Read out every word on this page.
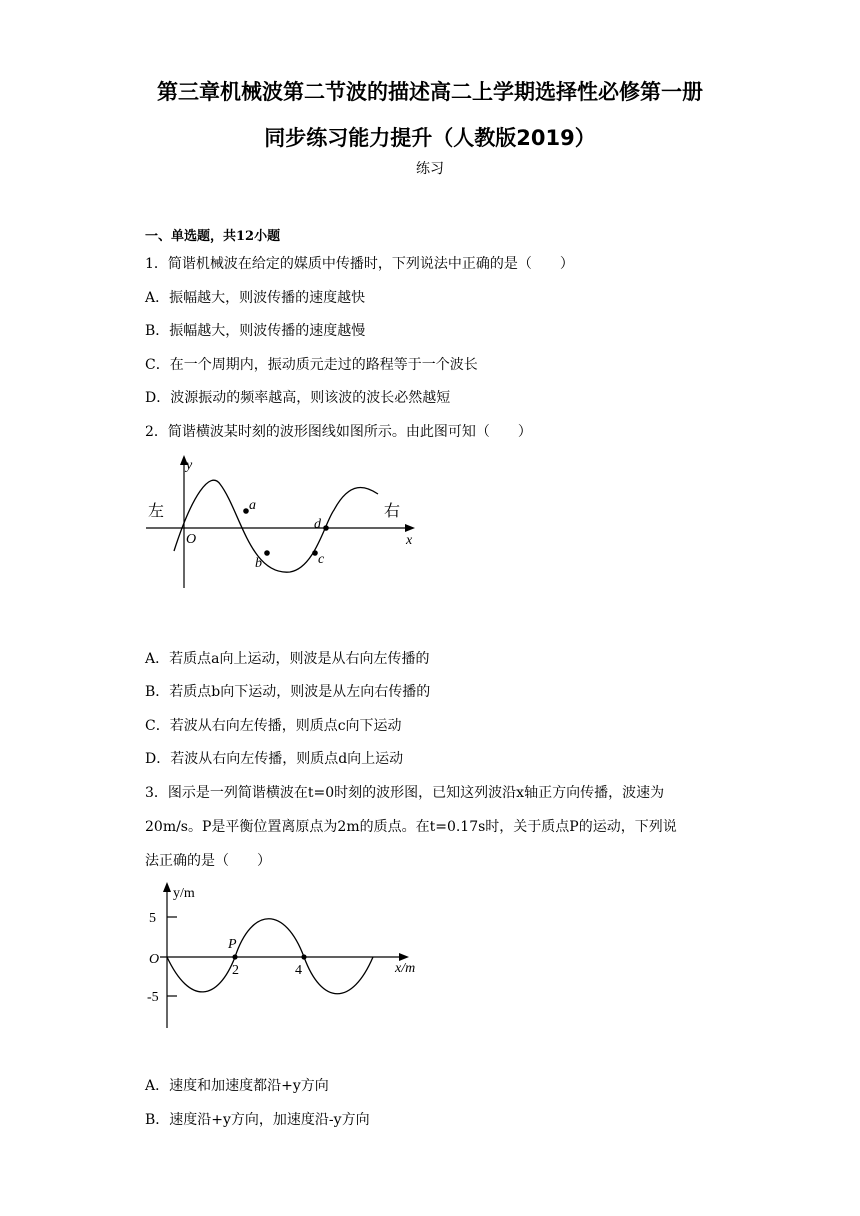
第三章机械波第二节波的描述高二上学期选择性必修第一册
同步练习能力提升（人教版2019）
练习
一、单选题，共12小题
1．简谐机械波在给定的媒质中传播时，下列说法中正确的是（　　）
A．振幅越大，则波传播的速度越快
B．振幅越大，则波传播的速度越慢
C．在一个周期内，振动质元走过的路程等于一个波长
D．波源振动的频率越高，则该波的波长必然越短
2．简谐横波某时刻的波形图线如图所示。由此图可知（　　）
y
左	右
O	x
a
b	c
d
A．若质点a向上运动，则波是从右向左传播的
B．若质点b向下运动，则波是从左向右传播的
C．若波从右向左传播，则质点c向下运动
D．若波从右向左传播，则质点d向上运动
3．图示是一列简谐横波在t=0时刻的波形图，已知这列波沿x轴正方向传播，波速为
20m/s。P是平衡位置离原点为2m的质点。在t=0.17s时，关于质点P的运动，下列说
法正确的是（　　）
y/m
5
-5
O
P
2	4	x/m
A．速度和加速度都沿+y方向
B．速度沿+y方向，加速度沿-y方向
